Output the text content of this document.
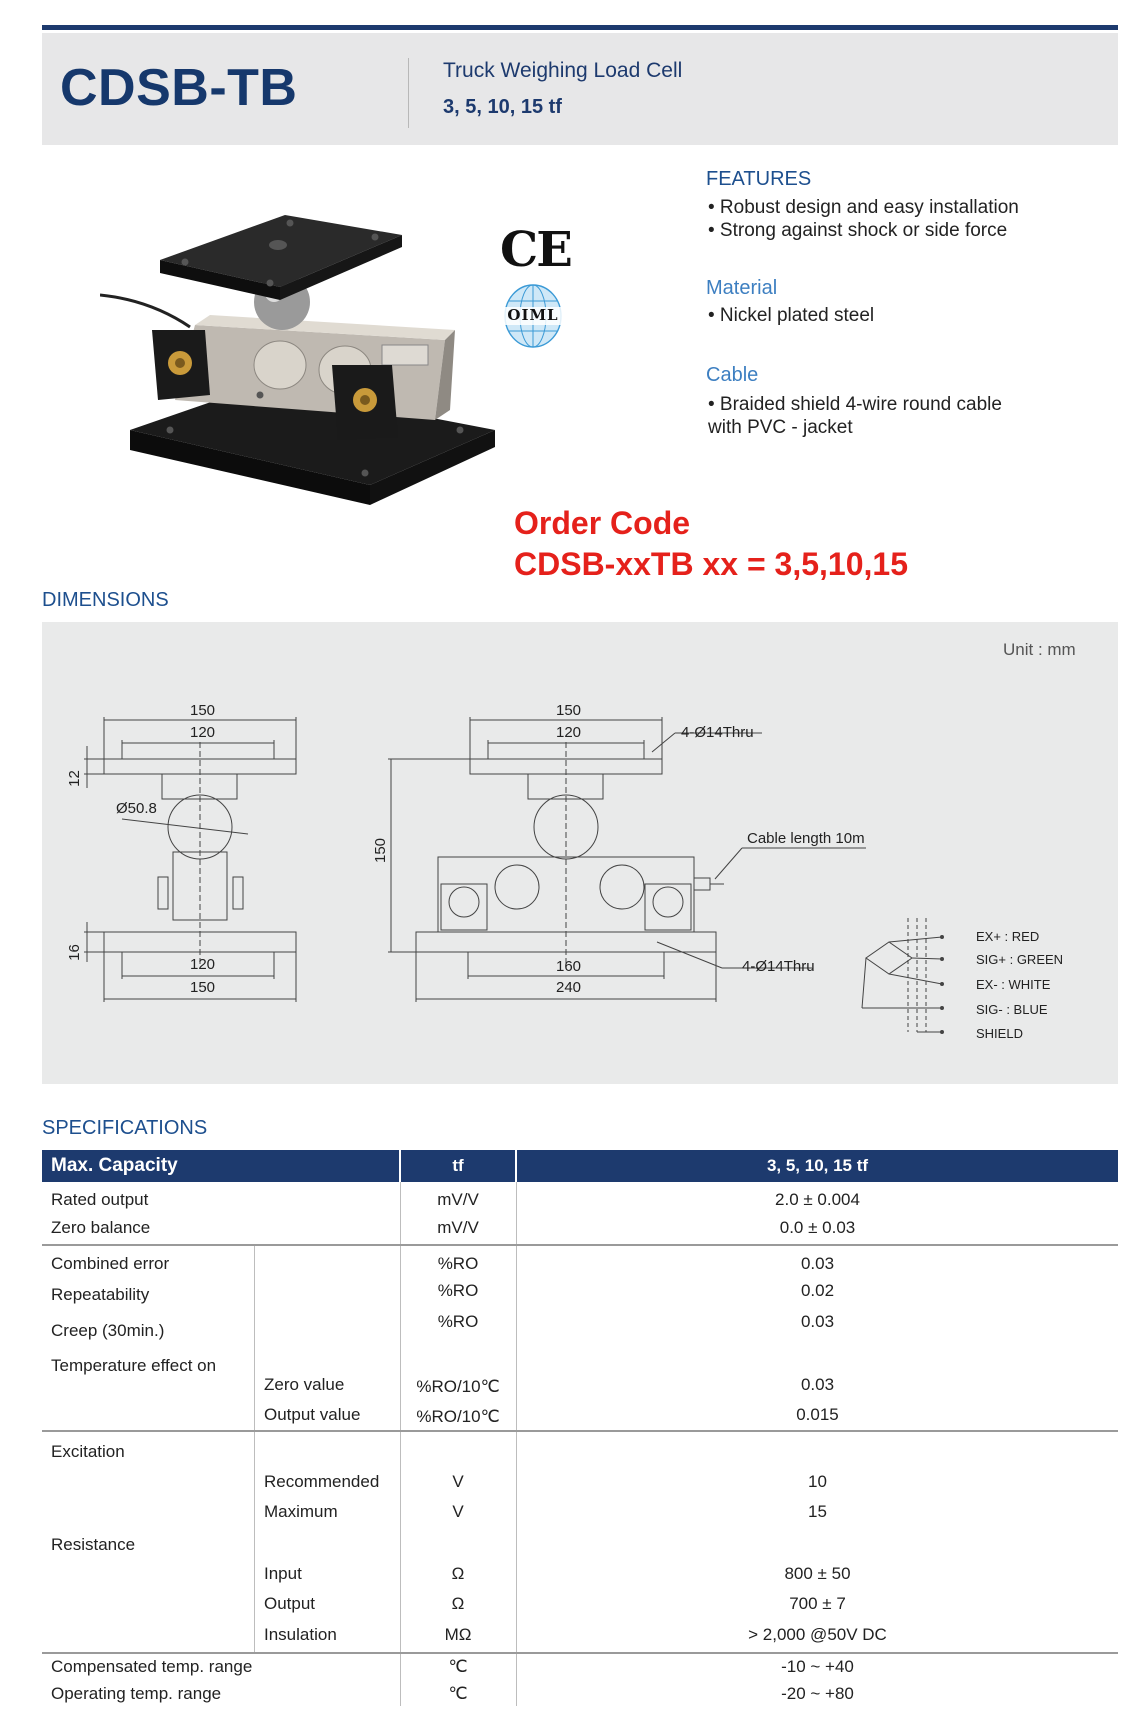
CDSB-TB	Truck Weighing Load Cell
3, 5, 10, 15 tf
CE
OIML
FEATURES
• Robust design and easy installation
• Strong against shock or side force
Material
• Nickel plated steel
Cable
• Braided shield 4-wire round cable
with PVC - jacket
Order Code
CDSB-xxTB xx = 3,5,10,15
DIMENSIONS
Unit : mm
150
120
12
Ø50.8
16
120
150
150
120	4-Ø14Thru
150	Cable length 10m
160
240
4-Ø14Thru
EX+ : RED
SIG+ : GREEN
EX- : WHITE
SIG- : BLUE
SHIELD
SPECIFICATIONS
Max. Capacity	tf	3, 5, 10, 15 tf
Rated output	mV/V	2.0 ± 0.004
Zero balance	mV/V	0.0 ± 0.03
Combined error	%RO	0.03
Repeatability	%RO	0.02
Creep (30min.)	%RO	0.03
Temperature effect on
Zero value	%RO/10℃	0.03
Output value	%RO/10℃	0.015
Excitation
Recommended	V	10
Maximum	V	15
Resistance
Input	Ω	800 ± 50
Output	Ω	700 ± 7
Insulation	MΩ	> 2,000 @50V DC
Compensated temp. range	℃	-10 ~ +40
Operating temp. range	℃	-20 ~ +80
